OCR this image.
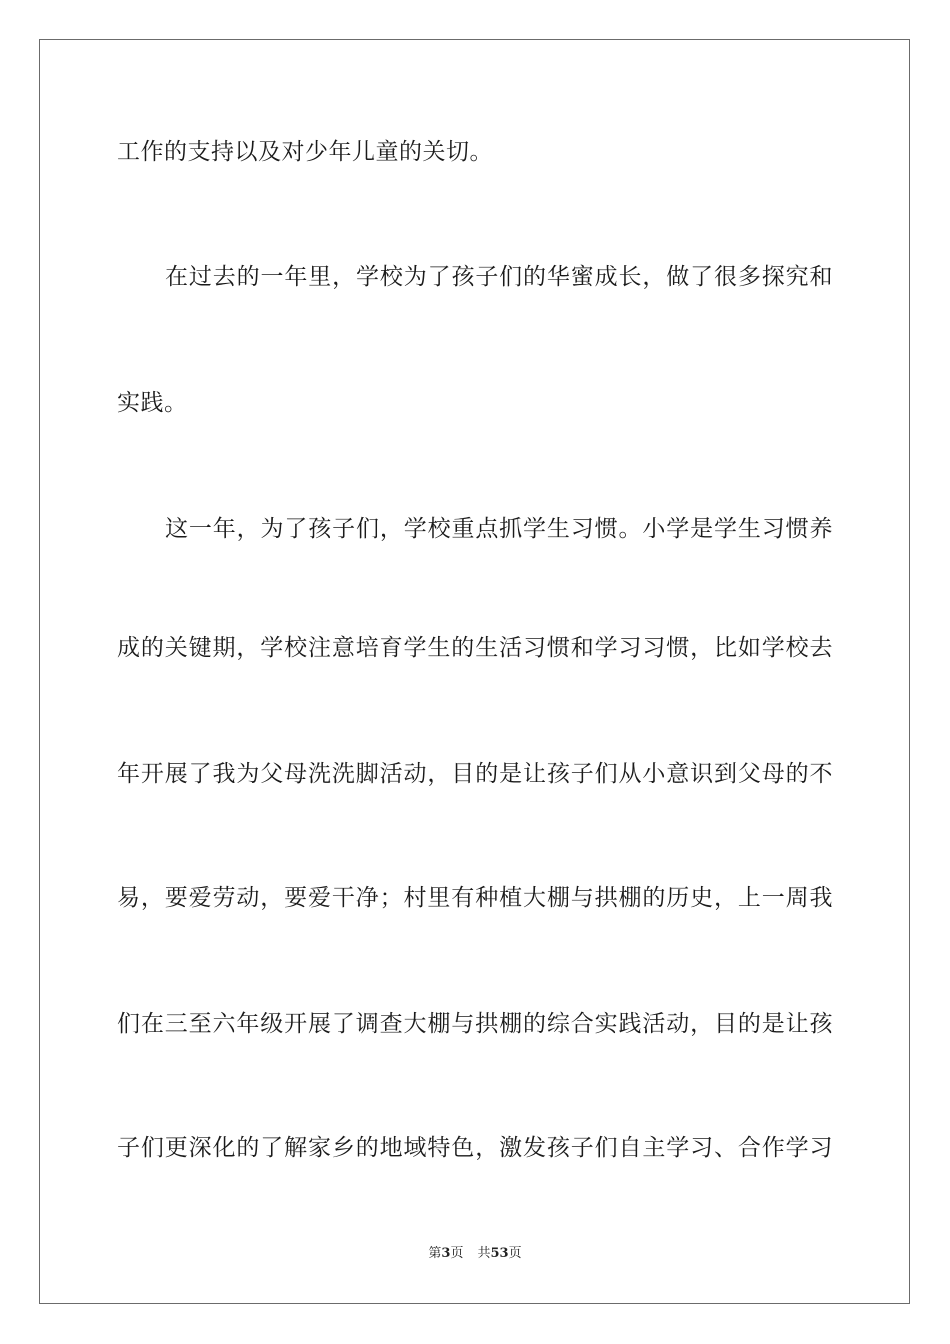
工作的支持以及对少年儿童的关切。
在过去的一年里，学校为了孩子们的华蜜成长，做了很多探究和
实践。
这一年，为了孩子们，学校重点抓学生习惯。小学是学生习惯养
成的关键期，学校注意培育学生的生活习惯和学习习惯，比如学校去
年开展了我为父母洗洗脚活动，目的是让孩子们从小意识到父母的不
易，要爱劳动，要爱干净；村里有种植大棚与拱棚的历史，上一周我
们在三至六年级开展了调查大棚与拱棚的综合实践活动，目的是让孩
子们更深化的了解家乡的地域特色，激发孩子们自主学习、合作学习
第3页 共53页
